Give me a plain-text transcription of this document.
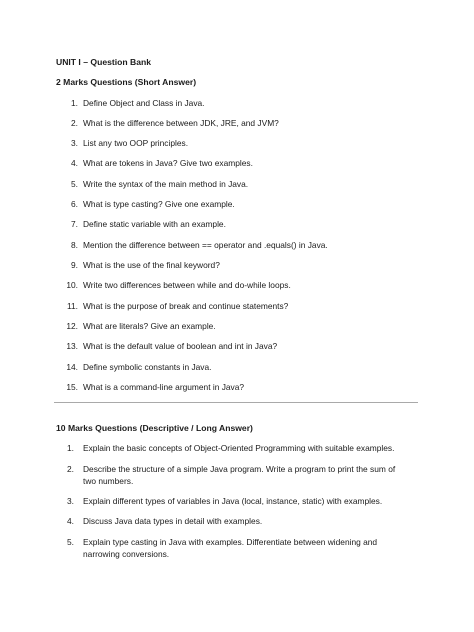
UNIT I – Question Bank
2 Marks Questions (Short Answer)
1. Define Object and Class in Java.
2. What is the difference between JDK, JRE, and JVM?
3. List any two OOP principles.
4. What are tokens in Java? Give two examples.
5. Write the syntax of the main method in Java.
6. What is type casting? Give one example.
7. Define static variable with an example.
8. Mention the difference between == operator and .equals() in Java.
9. What is the use of the final keyword?
10. Write two differences between while and do-while loops.
11. What is the purpose of break and continue statements?
12. What are literals? Give an example.
13. What is the default value of boolean and int in Java?
14. Define symbolic constants in Java.
15. What is a command-line argument in Java?
10 Marks Questions (Descriptive / Long Answer)
1. Explain the basic concepts of Object-Oriented Programming with suitable examples.
2. Describe the structure of a simple Java program. Write a program to print the sum of two numbers.
3. Explain different types of variables in Java (local, instance, static) with examples.
4. Discuss Java data types in detail with examples.
5. Explain type casting in Java with examples. Differentiate between widening and narrowing conversions.
